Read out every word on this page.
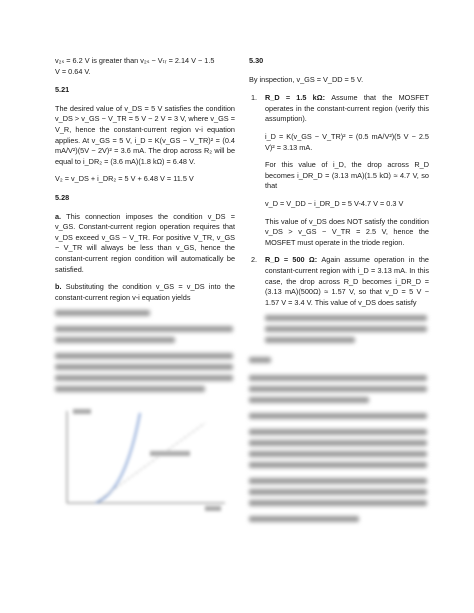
v₂ₛ = 6.2 V is greater than v₂ₛ − Vₜᵣ = 2.14 V − 1.5
V = 0.64 V.

5.21

The desired value of v_DS = 5 V satisfies the condition v_DS > v_GS − V_TR = 5 V − 2 V = 3 V, where v_GS = V_R, hence the constant-current region v-i equation applies. At v_GS = 5 V, i_D = K(v_GS − V_TR)² = (0.4 mA/V²)(5V − 2V)² = 3.6 mA. The drop across R₂ will be equal to i_DR₂ = (3.6 mA)(1.8 kΩ) = 6.48 V.

V₂ = v_DS + i_DR₂ = 5 V + 6.48 V = 11.5 V

5.28

a. This connection imposes the condition v_DS = v_GS. Constant-current region operation requires that v_DS exceed v_GS − V_TR. For positive V_TR, v_GS − V_TR will always be less than v_GS, hence the constant-current region condition will automatically be satisfied.

b. Substituting the condition v_GS = v_DS into the constant-current region v-i equation yields

5.30

By inspection, v_GS = V_DD = 5 V.

1. R_D = 1.5 kΩ: Assume that the MOSFET operates in the constant-current region (verify this assumption).

i_D = K(v_GS − V_TR)² = (0.5 mA/V²)(5 V − 2.5 V)² = 3.13 mA.

For this value of i_D, the drop across R_D becomes i_DR_D = (3.13 mA)(1.5 kΩ) ≈ 4.7 V, so that

v_D = V_DD − i_DR_D = 5 V-4.7 V = 0.3 V

This value of v_DS does NOT satisfy the condition v_DS > v_GS − V_TR = 2.5 V, hence the MOSFET must operate in the triode region.

2. R_D = 500 Ω: Again assume operation in the constant-current region with i_D = 3.13 mA. In this case, the drop across R_D becomes i_DR_D = (3.13 mA)(500Ω) ≈ 1.57 V, so that v_D = 5 V − 1.57 V = 3.4 V. This value of v_DS does satisfy
